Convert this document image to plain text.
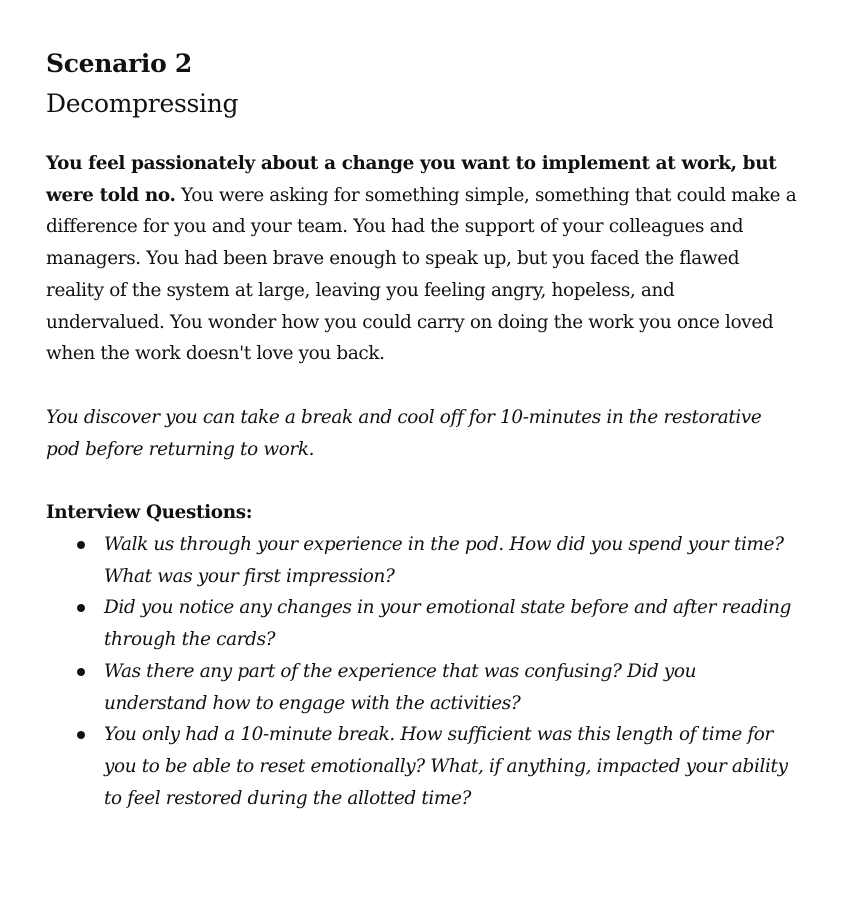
Scenario 2
Decompressing

You feel passionately about a change you want to implement at work, but were told no. You were asking for something simple, something that could make a difference for you and your team. You had the support of your colleagues and managers. You had been brave enough to speak up, but you faced the flawed reality of the system at large, leaving you feeling angry, hopeless, and undervalued. You wonder how you could carry on doing the work you once loved when the work doesn't love you back.

You discover you can take a break and cool off for 10-minutes in the restorative pod before returning to work.

Interview Questions:
Walk us through your experience in the pod. How did you spend your time? What was your first impression?
Did you notice any changes in your emotional state before and after reading through the cards?
Was there any part of the experience that was confusing? Did you understand how to engage with the activities?
You only had a 10-minute break. How sufficient was this length of time for you to be able to reset emotionally? What, if anything, impacted your ability to feel restored during the allotted time?
